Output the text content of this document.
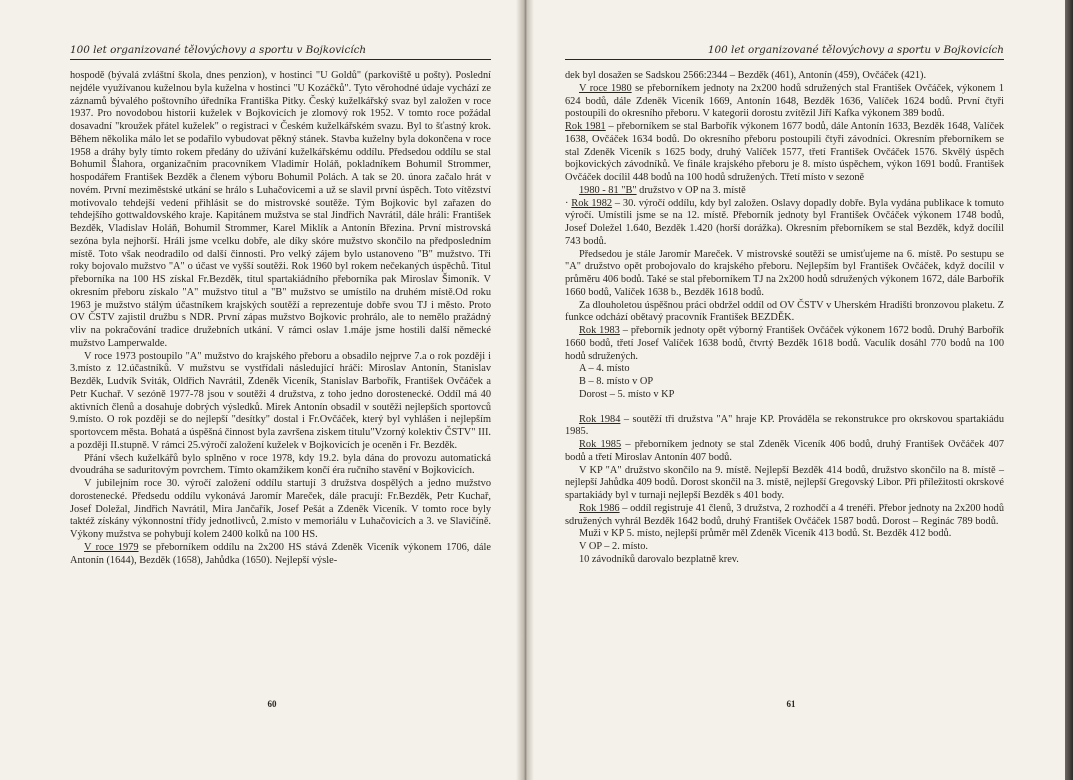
100 let organizované tělovýchovy a sportu v Bojkovicích

hospodě (bývalá zvláštní škola, dnes penzion), v hostinci "U Goldů" (parkoviště u pošty). Poslední nejdéle využívanou kuželnou byla kuželna v hostinci "U Kozáčků". Tyto věrohodné údaje vychází ze záznamů bývalého poštovního úředníka Františka Pitky. Český kuželkářský svaz byl založen v roce 1937. Pro novodobou historii kuželek v Bojkovicích je zlomový rok 1952. V tomto roce požádal dosavadní "kroužek přátel kuželek" o registraci v Českém kuželkářském svazu. Byl to šťastný krok. Během několika málo let se podařilo vybudovat pěkný stánek. Stavba kuželny byla dokončena v roce 1958 a dráhy byly tímto rokem předány do užívání kuželkářskému oddílu. Předsedou oddílu se stal Bohumil Šlahora, organizačním pracovníkem Vladimír Holáň, pokladníkem Bohumil Strommer, hospodářem František Bezděk a členem výboru Bohumil Polách. A tak se 20. února začalo hrát v novém. První meziměstské utkání se hrálo s Luhačovicemi a už se slavil první úspěch. Toto vítězství motivovalo tehdejší vedení přihlásit se do mistrovské soutěže. Tým Bojkovic byl zařazen do tehdejšího gottwaldovského kraje. Kapitánem mužstva se stal Jindřich Navrátil, dále hráli: František Bezděk, Vladislav Holáň, Bohumil Strommer, Karel Miklík a Antonín Březina. První mistrovská sezóna byla nejhorší. Hráli jsme vcelku dobře, ale díky skóre mužstvo skončilo na předposledním místě. Toto však neodradilo od další činnosti. Pro velký zájem bylo ustanoveno "B" mužstvo. Tři roky bojovalo mužstvo "A" o účast ve vyšší soutěži. Rok 1960 byl rokem nečekaných úspěchů. Titul přeborníka na 100 HS získal Fr.Bezděk, titul spartakiádního přeborníka pak Miroslav Šimoník. V okresním přeboru získalo "A" mužstvo titul a "B" mužstvo se umístilo na druhém místě.Od roku 1963 je mužstvo stálým účastníkem krajských soutěží a reprezentuje dobře svou TJ i město. Proto OV ČSTV zajistil družbu s NDR. První zápas mužstvo Bojkovic prohrálo, ale to nemělo pražádný vliv na pokračování tradice družebních utkání. V rámci oslav 1.máje jsme hostili další německé mužstvo Lamperwalde.

V roce 1973 postoupilo "A" mužstvo do krajského přeboru a obsadilo nejprve 7.a o rok později i 3.místo z 12.účastníků. V mužstvu se vystřídali následující hráči: Miroslav Antonín, Stanislav Bezděk, Ludvík Sviták, Oldřich Navrátil, Zdeněk Viceník, Stanislav Barbořík, František Ovčáček a Petr Kuchař. V sezóně 1977-78 jsou v soutěži 4 družstva, z toho jedno dorostenecké. Oddíl má 40 aktivních členů a dosahuje dobrých výsledků. Mirek Antonín obsadil v soutěži nejlepších sportovců 9.místo. O rok později se do nejlepší "desítky" dostal i Fr.Ovčáček, který byl vyhlášen i nejlepším sportovcem města. Bohatá a úspěšná činnost byla završena ziskem titulu"Vzorný kolektiv ČSTV" III. a později II.stupně. V rámci 25.výročí založení kuželek v Bojkovicích je oceněn i Fr. Bezděk.

Přání všech kuželkářů bylo splněno v roce 1978, kdy 19.2. byla dána do provozu automatická dvoudráha se saduritovým povrchem. Tímto okamžikem končí éra ručního stavění v Bojkovicích.

V jubilejním roce 30. výročí založení oddílu startují 3 družstva dospělých a jedno mužstvo dorostenecké. Předsedu oddílu vykonává Jaromír Mareček, dále pracují: Fr.Bezděk, Petr Kuchař, Josef Doležal, Jindřich Navrátil, Mira Jančařík, Josef Pešát a Zdeněk Viceník. V tomto roce byly taktéž získány výkonnostní třídy jednotlivců, 2.místo v memoriálu v Luhačovicích a 3. ve Slavičíně. Výkony mužstva se pohybují kolem 2400 kolků na 100 HS.

V roce 1979 se přeborníkem oddílu na 2x200 HS stává Zdeněk Viceník výkonem 1706, dále Antonín (1644), Bezděk (1658), Jahůdka (1650). Nejlepší výsle-

60
100 let organizované tělovýchovy a sportu v Bojkovicích

dek byl dosažen se Sadskou 2566:2344 – Bezděk (461), Antonín (459), Ovčáček (421).

V roce 1980 se přeborníkem jednoty na 2x200 hodů sdružených stal František Ovčáček, výkonem 1 624 bodů, dále Zdeněk Viceník 1669, Antonín 1648, Bezděk 1636, Valíček 1624 bodů. První čtyři postoupili do okresního přeboru. V kategorii dorostu zvítězil Jiří Kafka výkonem 389 bodů.

Rok 1981 – přeborníkem se stal Barbořík výkonem 1677 bodů, dále Antonín 1633, Bezděk 1648, Valíček 1638, Ovčáček 1634 bodů. Do okresního přeboru postoupili čtyři závodníci. Okresním přeborníkem se stal Zdeněk Viceník s 1625 body, druhý Valíček 1577, třetí František Ovčáček 1576. Skvělý úspěch bojkovických závodníků. Ve finále krajského přeboru je 8. místo úspěchem, výkon 1691 bodů. František Ovčáček docílil 448 bodů na 100 hodů sdružených. Třetí místo v sezoně

1980 - 81 "B" družstvo v OP na 3. místě

· Rok 1982 – 30. výročí oddílu, kdy byl založen. Oslavy dopadly dobře. Byla vydána publikace k tomuto výročí. Umístili jsme se na 12. místě. Přeborník jednoty byl František Ovčáček výkonem 1748 bodů, Josef Doležel 1.640, Bezděk 1.420 (horší dorážka). Okresním přeborníkem se stal Bezděk, když docílil 743 bodů.

Předsedou je stále Jaromír Mareček. V mistrovské soutěži se umisťujeme na 6. místě. Po sestupu se "A" družstvo opět probojovalo do krajského přeboru. Nejlepším byl František Ovčáček, když docílil v průměru 406 bodů. Také se stal přeborníkem TJ na 2x200 hodů sdružených výkonem 1672, dále Barbořík 1660 bodů, Valíček 1638 b., Bezděk 1618 bodů.

Za dlouholetou úspěšnou práci obdržel oddíl od OV ČSTV v Uherském Hradišti bronzovou plaketu. Z funkce odchází obětavý pracovník František BEZDĚK.

Rok 1983 – přeborník jednoty opět výborný František Ovčáček výkonem 1672 bodů. Druhý Barbořík 1660 bodů, třetí Josef Valíček 1638 bodů, čtvrtý Bezděk 1618 bodů. Vaculík dosáhl 770 bodů na 100 hodů sdružených.

A – 4. místo

B – 8. místo v OP

Dorost – 5. místo v KP

Rok 1984 – soutěží tři družstva "A" hraje KP. Prováděla se rekonstrukce pro okrskovou spartakiádu 1985.

Rok 1985 – přeborníkem jednoty se stal Zdeněk Viceník 406 bodů, druhý František Ovčáček 407 bodů a třetí Miroslav Antonín 407 bodů.

V KP "A" družstvo skončilo na 9. místě. Nejlepší Bezděk 414 bodů, družstvo skončilo na 8. místě – nejlepší Jahůdka 409 bodů. Dorost skončil na 3. místě, nejlepší Gregovský Libor. Při příležitosti okrskové spartakiády byl v turnaji nejlepší Bezděk s 401 body.

Rok 1986 – oddíl registruje 41 členů, 3 družstva, 2 rozhodčí a 4 trenéři. Přebor jednoty na 2x200 hodů sdružených vyhrál Bezděk 1642 bodů, druhý František Ovčáček 1587 bodů. Dorost – Reginác 789 bodů.

Muži v KP 5. místo, nejlepší průměr měl Zdeněk Viceník 413 bodů. St. Bezděk 412 bodů.

V OP – 2. místo.

10 závodníků darovalo bezplatně krev.

61
